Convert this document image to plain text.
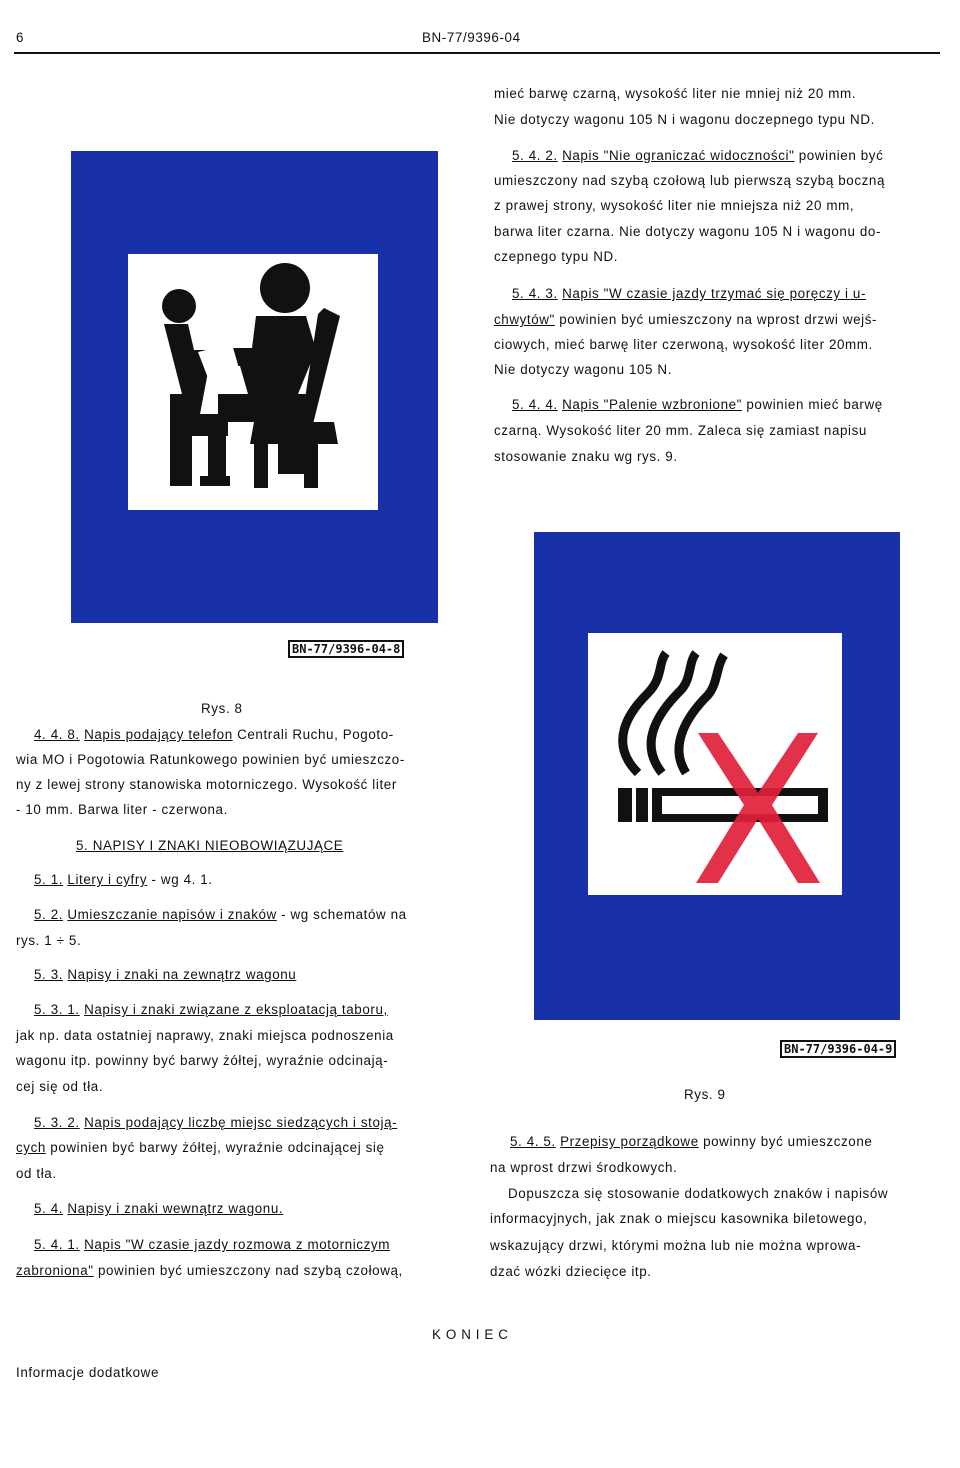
6	BN-77/9396-04
BN-77/9396-04-8
Rys. 8
mieć barwę czarną, wysokość liter nie mniej niż 20 mm.
Nie dotyczy wagonu 105 N i wagonu doczepnego typu ND.
5. 4. 2. Napis "Nie ograniczać widoczności" powinien być
umieszczony nad szybą czołową lub pierwszą szybą boczną
z prawej strony, wysokość liter nie mniejsza niż 20 mm,
barwa liter czarna. Nie dotyczy wagonu 105 N i wagonu do-
czepnego typu ND.
5. 4. 3. Napis "W czasie jazdy trzymać się poręczy i u-
chwytów" powinien być umieszczony na wprost drzwi wejś-
ciowych, mieć barwę liter czerwoną, wysokość liter 20mm.
Nie dotyczy wagonu 105 N.
5. 4. 4. Napis "Palenie wzbronione" powinien mieć barwę
czarną. Wysokość liter 20 mm. Zaleca się zamiast napisu
stosowanie znaku wg rys. 9.
BN-77/9396-04-9
Rys. 9
4. 4. 8. Napis podający telefon Centrali Ruchu, Pogoto-
wia MO i Pogotowia Ratunkowego powinien być umieszczo-
ny z lewej strony stanowiska motorniczego. Wysokość liter
- 10 mm. Barwa liter - czerwona.
5. NAPISY I ZNAKI NIEOBOWIĄZUJĄCE
5. 1. Litery i cyfry - wg 4. 1.
5. 2. Umieszczanie napisów i znaków - wg schematów na
rys. 1 ÷ 5.
5. 3. Napisy i znaki na zewnątrz wagonu
5. 3. 1. Napisy i znaki związane z eksploatacją taboru,
jak np. data ostatniej naprawy, znaki miejsca podnoszenia
wagonu itp. powinny być barwy żółtej, wyraźnie odcinają-
cej się od tła.
5. 3. 2. Napis podający liczbę miejsc siedzących i stoją-
cych powinien być barwy żółtej, wyraźnie odcinającej się
od tła.
5. 4. Napisy i znaki wewnątrz wagonu.
5. 4. 1. Napis "W czasie jazdy rozmowa z motorniczym
zabroniona" powinien być umieszczony nad szybą czołową,
5. 4. 5. Przepisy porządkowe powinny być umieszczone
na wprost drzwi środkowych.
Dopuszcza się stosowanie dodatkowych znaków i napisów
informacyjnych, jak znak o miejscu kasownika biletowego,
wskazujący drzwi, którymi można lub nie można wprowa-
dzać wózki dziecięce itp.
K O N I E C
Informacje dodatkowe
